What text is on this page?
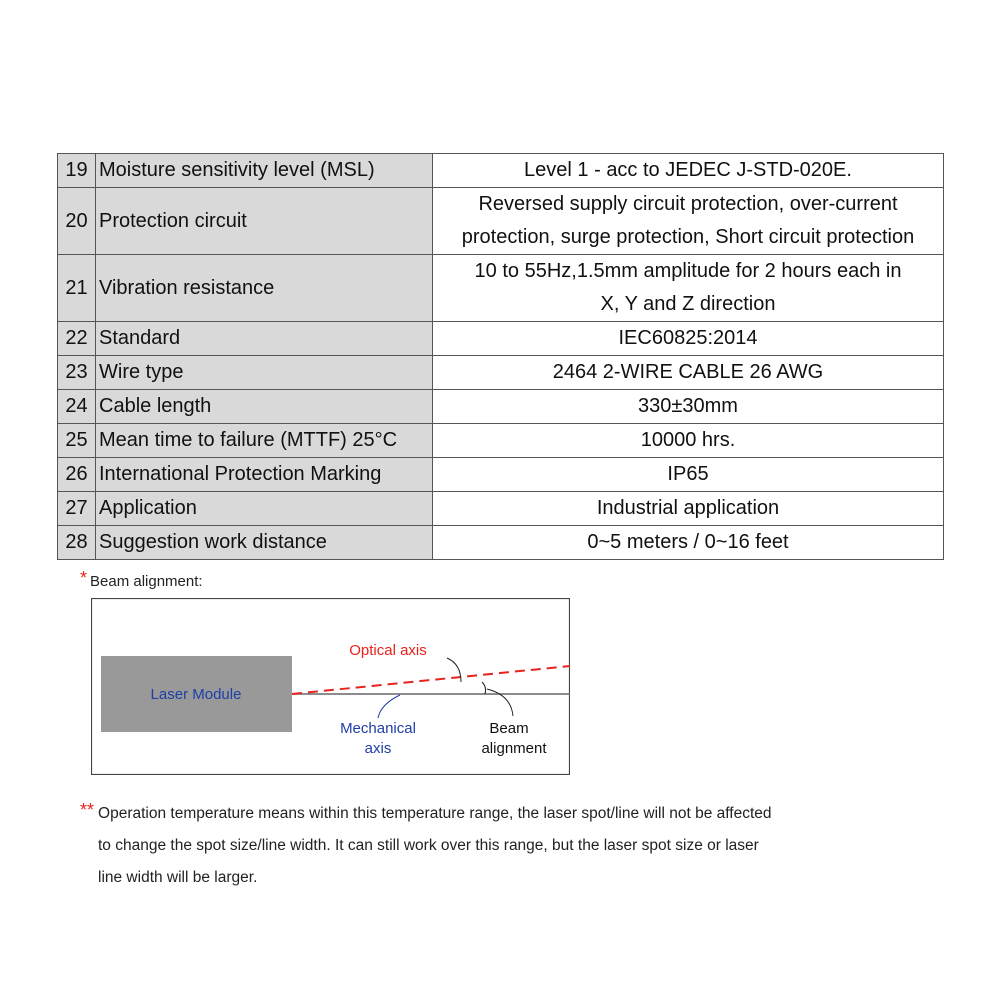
19	Moisture sensitivity level (MSL)	Level 1 - acc to JEDEC J-STD-020E.

20	Protection circuit	Reversed supply circuit protection, over-current
protection, surge protection, Short circuit protection

21	Vibration resistance	10 to 55Hz,1.5mm amplitude for 2 hours each in
X, Y and Z direction

22	Standard	IEC60825:2014

23	Wire type	2464 2-WIRE CABLE 26 AWG

24	Cable length	330±30mm

25	Mean time to failure (MTTF) 25°C	10000 hrs.

26	International Protection Marking	IP65

27	Application	Industrial application

28	Suggestion work distance	0~5 meters / 0~16 feet
* Beam alignment:
Laser Module
Optical axis
Mechanical
axis
Beam
alignment
** Operation temperature means within this temperature range, the laser spot/line will not be affected
to change the spot size/line width. It can still work over this range, but the laser spot size or laser
line width will be larger.
